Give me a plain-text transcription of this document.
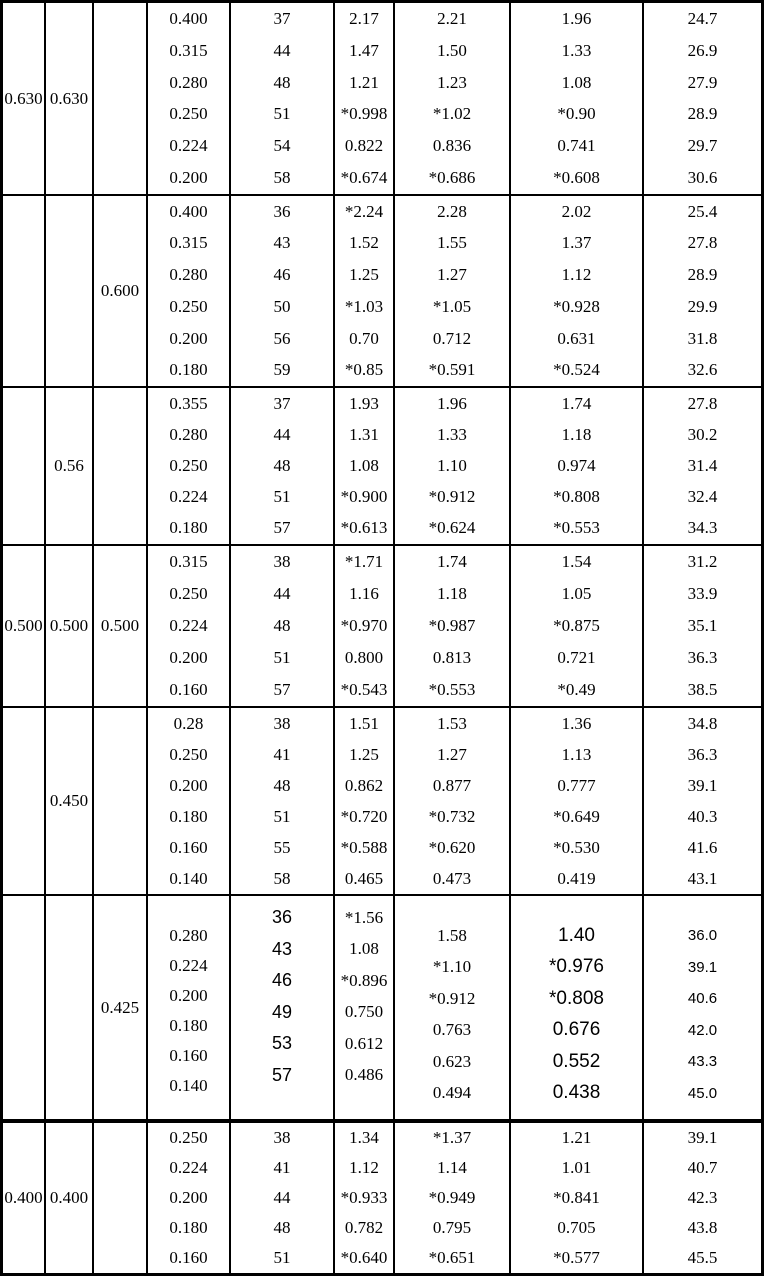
0.630 0.630
0.400
0.315
0.280
0.250
0.224
0.200
37
44
48
51
54
58
2.17
1.47
1.21
*0.998
0.822
*0.674
2.21
1.50
1.23
*1.02
0.836
*0.686
1.96
1.33
1.08
*0.90
0.741
*0.608
24.7
26.9
27.9
28.9
29.7
30.6
0.600
0.400
0.315
0.280
0.250
0.200
0.180
36
43
46
50
56
59
*2.24
1.52
1.25
*1.03
0.70
*0.85
2.28
1.55
1.27
*1.05
0.712
*0.591
2.02
1.37
1.12
*0.928
0.631
*0.524
25.4
27.8
28.9
29.9
31.8
32.6
0.56
0.355
0.280
0.250
0.224
0.180
37
44
48
51
57
1.93
1.31
1.08
*0.900
*0.613
1.96
1.33
1.10
*0.912
*0.624
1.74
1.18
0.974
*0.808
*0.553
27.8
30.2
31.4
32.4
34.3
0.500 0.500 0.500
0.315
0.250
0.224
0.200
0.160
38
44
48
51
57
*1.71
1.16
*0.970
0.800
*0.543
1.74
1.18
*0.987
0.813
*0.553
1.54
1.05
*0.875
0.721
*0.49
31.2
33.9
35.1
36.3
38.5
0.450
0.28
0.250
0.200
0.180
0.160
0.140
38
41
48
51
55
58
1.51
1.25
0.862
*0.720
*0.588
0.465
1.53
1.27
0.877
*0.732
*0.620
0.473
1.36
1.13
0.777
*0.649
*0.530
0.419
34.8
36.3
39.1
40.3
41.6
43.1
0.425
0.280
0.224
0.200
0.180
0.160
0.140
36
43
46
49
53
57
*1.56
1.08
*0.896
0.750
0.612
0.486
1.58
*1.10
*0.912
0.763
0.623
0.494
1.40
*0.976
*0.808
0.676
0.552
0.438
36.0
39.1
40.6
42.0
43.3
45.0
0.400 0.400
0.250
0.224
0.200
0.180
0.160
38
41
44
48
51
1.34
1.12
*0.933
0.782
*0.640
*1.37
1.14
*0.949
0.795
*0.651
1.21
1.01
*0.841
0.705
*0.577
39.1
40.7
42.3
43.8
45.5
